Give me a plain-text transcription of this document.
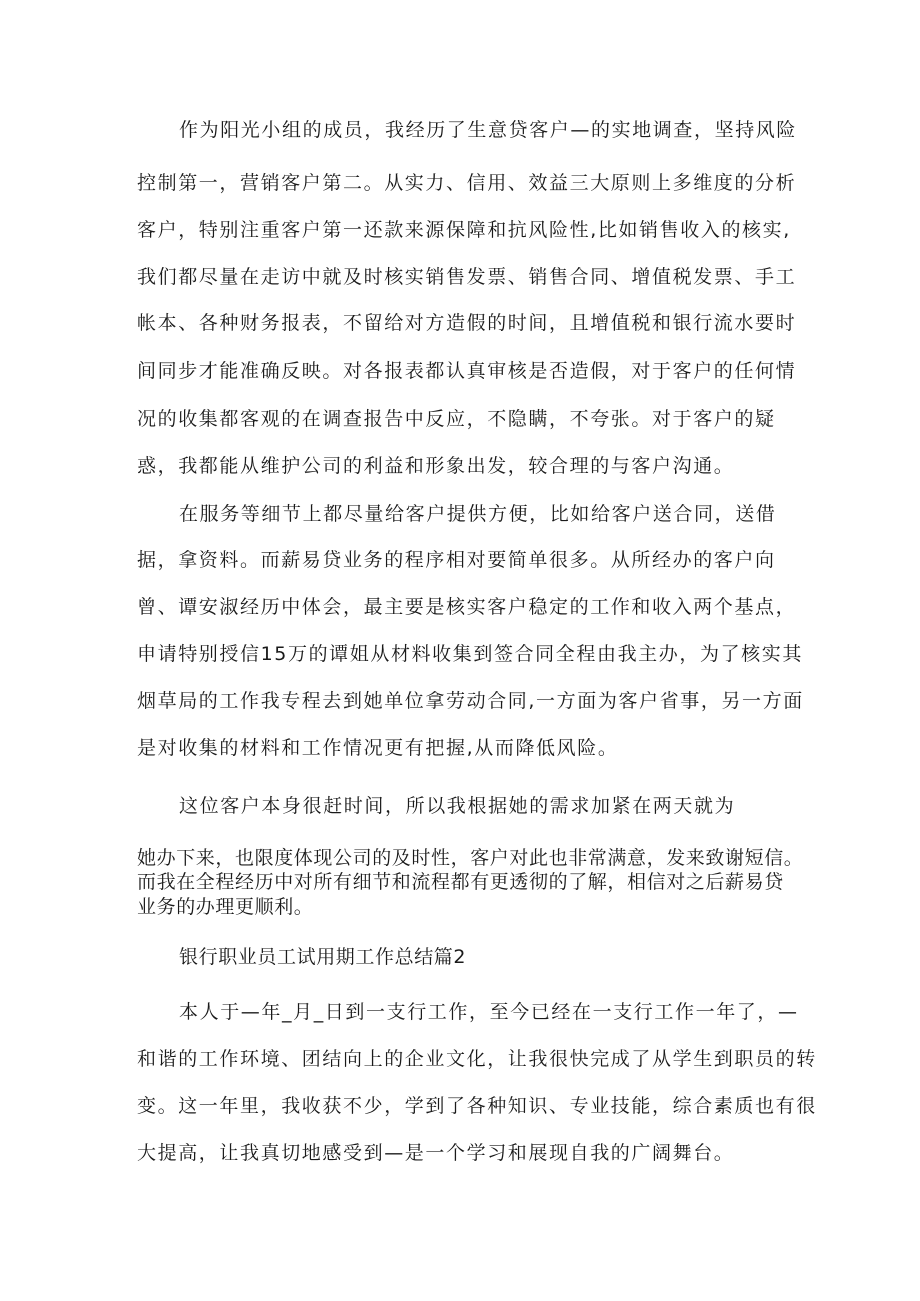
作为阳光小组的成员，我经历了生意贷客户—的实地调查，坚持风险
控制第一，营销客户第二。从实力、信用、效益三大原则上多维度的分析
客户，特别注重客户第一还款来源保障和抗风险性,比如销售收入的核实,
我们都尽量在走访中就及时核实销售发票、销售合同、增值税发票、手工
帐本、各种财务报表，不留给对方造假的时间，且增值税和银行流水要时
间同步才能准确反映。对各报表都认真审核是否造假，对于客户的任何情
况的收集都客观的在调查报告中反应，不隐瞒，不夸张。对于客户的疑
惑，我都能从维护公司的利益和形象出发，较合理的与客户沟通。
在服务等细节上都尽量给客户提供方便，比如给客户送合同，送借
据，拿资料。而薪易贷业务的程序相对要简单很多。从所经办的客户向
曾、谭安淑经历中体会，最主要是核实客户稳定的工作和收入两个基点，
申请特别授信15万的谭姐从材料收集到签合同全程由我主办，为了核实其
烟草局的工作我专程去到她单位拿劳动合同,一方面为客户省事，另一方面
是对收集的材料和工作情况更有把握,从而降低风险。
这位客户本身很赶时间，所以我根据她的需求加紧在两天就为
她办下来，也限度体现公司的及时性，客户对此也非常满意，发来致谢短信。
而我在全程经历中对所有细节和流程都有更透彻的了解，相信对之后薪易贷
业务的办理更顺利。
银行职业员工试用期工作总结篇2
本人于—年_月_日到一支行工作，至今已经在一支行工作一年了，—
和谐的工作环境、团结向上的企业文化，让我很快完成了从学生到职员的转
变。这一年里，我收获不少，学到了各种知识、专业技能，综合素质也有很
大提高，让我真切地感受到—是一个学习和展现自我的广阔舞台。
